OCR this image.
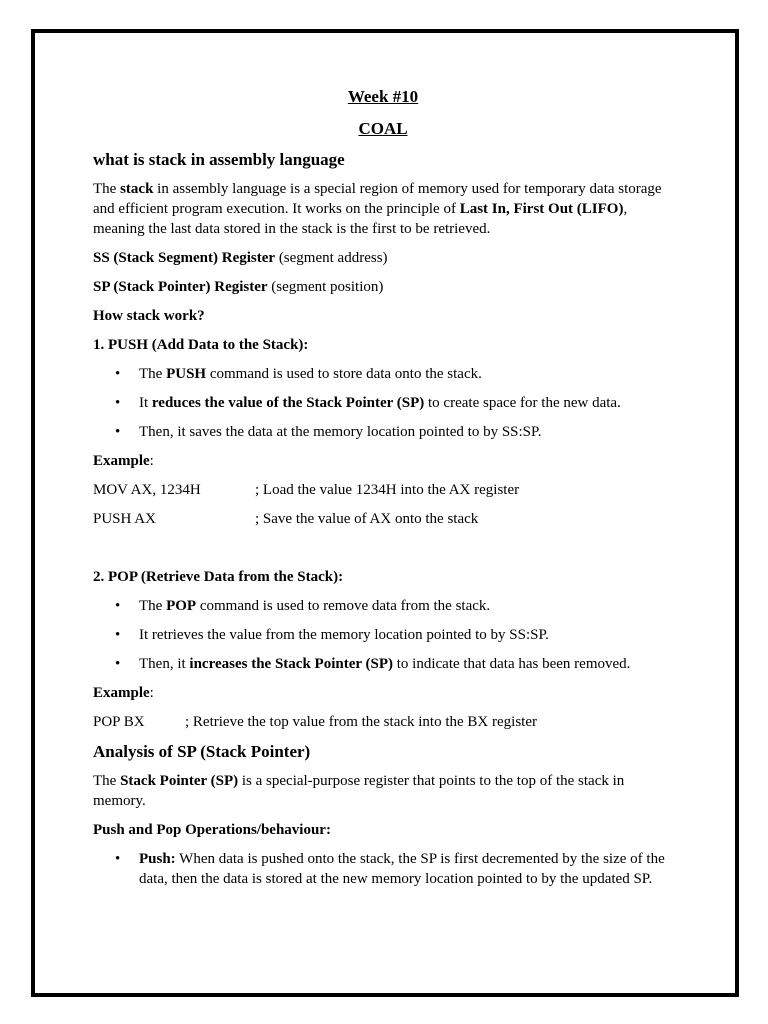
Week #10
COAL
what is stack in assembly language

The stack in assembly language is a special region of memory used for temporary data storage and efficient program execution. It works on the principle of Last In, First Out (LIFO), meaning the last data stored in the stack is the first to be retrieved.

SS (Stack Segment) Register (segment address)

SP (Stack Pointer) Register (segment position)

How stack work?

1. PUSH (Add Data to the Stack):

• The PUSH command is used to store data onto the stack.
• It reduces the value of the Stack Pointer (SP) to create space for the new data.
• Then, it saves the data at the memory location pointed to by SS:SP.

Example:

MOV AX, 1234H	; Load the value 1234H into the AX register
PUSH AX	; Save the value of AX onto the stack

2. POP (Retrieve Data from the Stack):

• The POP command is used to remove data from the stack.
• It retrieves the value from the memory location pointed to by SS:SP.
• Then, it increases the Stack Pointer (SP) to indicate that data has been removed.

Example:

POP BX	; Retrieve the top value from the stack into the BX register
Analysis of SP (Stack Pointer)

The Stack Pointer (SP) is a special-purpose register that points to the top of the stack in memory.

Push and Pop Operations/behaviour:

• Push: When data is pushed onto the stack, the SP is first decremented by the size of the data, then the data is stored at the new memory location pointed to by the updated SP.
